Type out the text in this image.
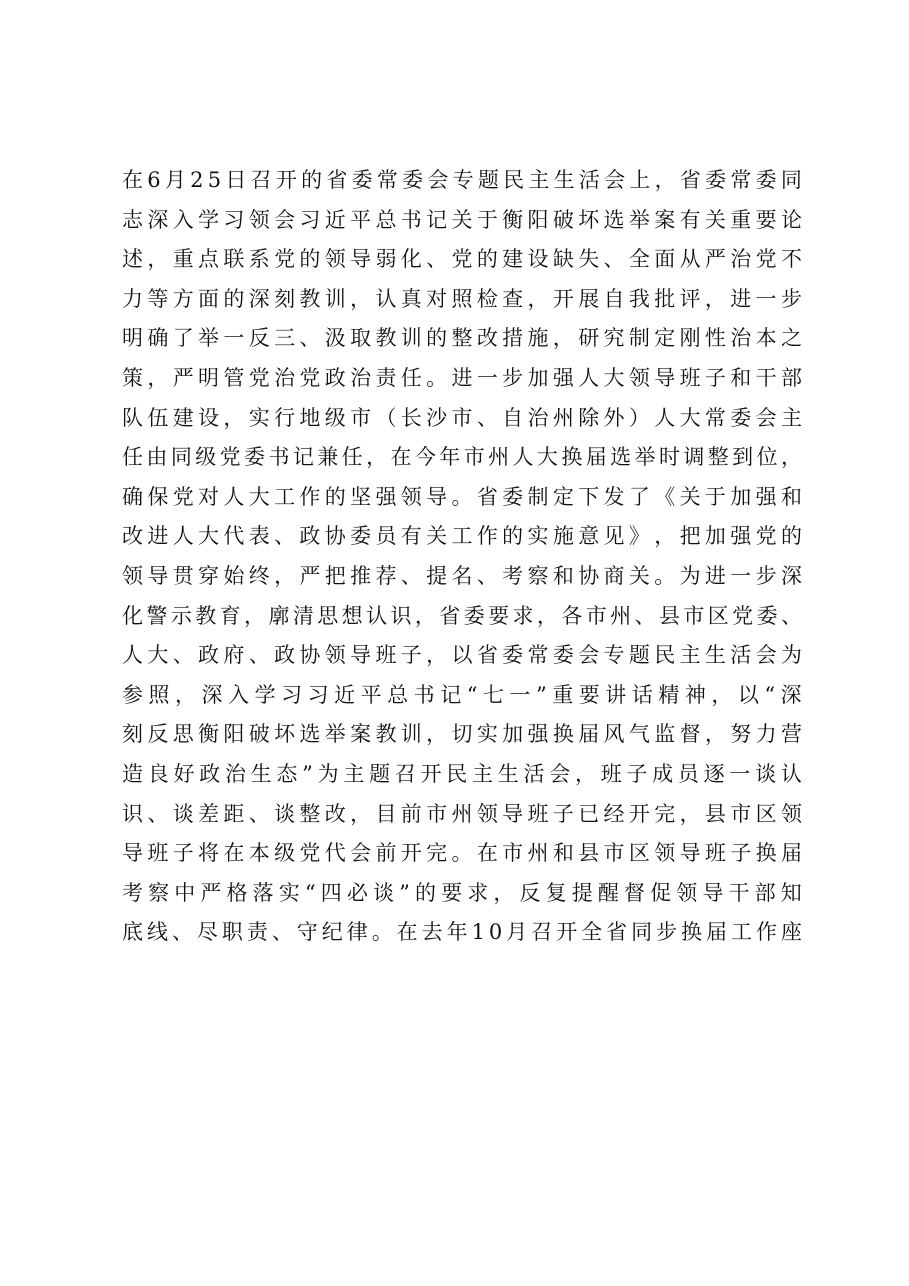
在 6 月 2 5 日 召 开 的 省 委 常 委 会 专 题 民 主 生 活 会 上 ， 省 委 常 委 同
志 深 入 学 习 领 会 习 近 平 总 书 记 关 于 衡 阳 破 坏 选 举 案 有 关 重 要 论
述 ， 重 点 联 系 党 的 领 导 弱 化 、 党 的 建 设 缺 失 、 全 面 从 严 治 党 不
力 等 方 面 的 深 刻 教 训 ， 认 真 对 照 检 查 ， 开 展 自 我 批 评 ， 进 一 步
明 确 了 举 一 反 三 、 汲 取 教 训 的 整 改 措 施 ， 研 究 制 定 刚 性 治 本 之
策 ， 严 明 管 党 治 党 政 治 责 任 。 进 一 步 加 强 人 大 领 导 班 子 和 干 部
队 伍 建 设 ， 实 行 地 级 市 （ 长 沙 市 、 自 治 州 除 外 ） 人 大 常 委 会 主
任 由 同 级 党 委 书 记 兼 任 ， 在 今 年 市 州 人 大 换 届 选 举 时 调 整 到 位 ，
确 保 党 对 人 大 工 作 的 坚 强 领 导 。 省 委 制 定 下 发 了 《 关 于 加 强 和
改 进 人 大 代 表 、 政 协 委 员 有 关 工 作 的 实 施 意 见 》 ， 把 加 强 党 的
领 导 贯 穿 始 终 ， 严 把 推 荐 、 提 名 、 考 察 和 协 商 关 。 为 进 一 步 深
化 警 示 教 育 ， 廓 清 思 想 认 识 ， 省 委 要 求 ， 各 市 州 、 县 市 区 党 委 、
人 大 、 政 府 、 政 协 领 导 班 子 ， 以 省 委 常 委 会 专 题 民 主 生 活 会 为
参 照 ， 深 入 学 习 习 近 平 总 书 记 “ 七 一 ” 重 要 讲 话 精 神 ， 以 “ 深
刻 反 思 衡 阳 破 坏 选 举 案 教 训 ， 切 实 加 强 换 届 风 气 监 督 ， 努 力 营
造 良 好 政 治 生 态 ” 为 主 题 召 开 民 主 生 活 会 ， 班 子 成 员 逐 一 谈 认
识 、 谈 差 距 、 谈 整 改 ， 目 前 市 州 领 导 班 子 已 经 开 完 ， 县 市 区 领
导 班 子 将 在 本 级 党 代 会 前 开 完 。 在 市 州 和 县 市 区 领 导 班 子 换 届
考 察 中 严 格 落 实 “ 四 必 谈 ” 的 要 求 ， 反 复 提 醒 督 促 领 导 干 部 知
底 线 、 尽 职 责 、 守 纪 律 。 在 去 年 1 0 月 召 开 全 省 同 步 换 届 工 作 座
